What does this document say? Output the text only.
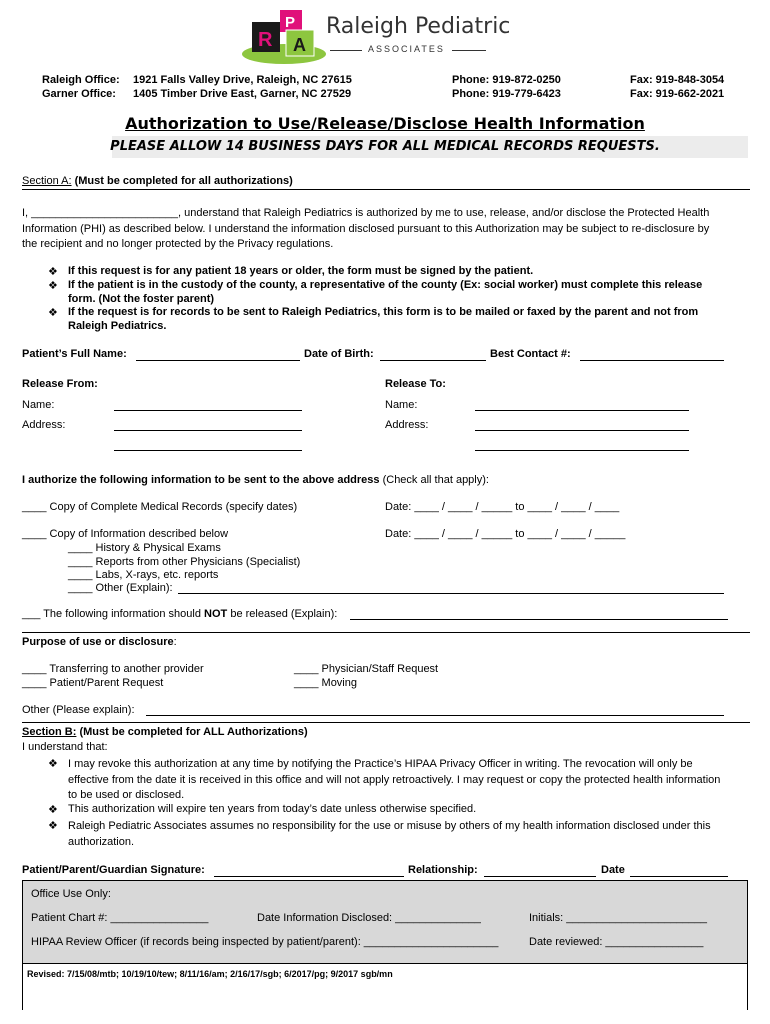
R
P
A
Raleigh Pediatric
ASSOCIATES
Raleigh Office: 1921 Falls Valley Drive, Raleigh, NC 27615	Phone: 919-872-0250	Fax: 919-848-3054
Garner Office: 1405 Timber Drive East, Garner, NC 27529	Phone: 919-779-6423	Fax: 919-662-2021
Authorization to Use/Release/Disclose Health Information
PLEASE ALLOW 14 BUSINESS DAYS FOR ALL MEDICAL RECORDS REQUESTS.
Section A: (Must be completed for all authorizations)
I, ________________________, understand that Raleigh Pediatrics is authorized by me to use, release, and/or disclose the Protected Health
Information (PHI) as described below. I understand the information disclosed pursuant to this Authorization may be subject to re-disclosure by
the recipient and no longer protected by the Privacy regulations.
❖ If this request is for any patient 18 years or older, the form must be signed by the patient.
❖ If the patient is in the custody of the county, a representative of the county (Ex: social worker) must complete this release
form. (Not the foster parent)
❖ If the request is for records to be sent to Raleigh Pediatrics, this form is to be mailed or faxed by the parent and not from
Raleigh Pediatrics.
Patient’s Full Name:	Date of Birth:	Best Contact #:
Release From:	Release To:
Name:	Name:
Address:	Address:
I authorize the following information to be sent to the above address (Check all that apply):
____ Copy of Complete Medical Records (specify dates)	Date: ____ / ____ / _____ to ____ / ____ / ____
____ Copy of Information described below	Date: ____ / ____ / _____ to ____ / ____ / _____
____ History & Physical Exams
____ Reports from other Physicians (Specialist)
____ Labs, X-rays, etc. reports
____ Other (Explain):
___ The following information should NOT be released (Explain):
Purpose of use or disclosure:
____ Transferring to another provider	____ Physician/Staff Request
____ Patient/Parent Request	____ Moving
Other (Please explain):
Section B: (Must be completed for ALL Authorizations)
I understand that:
❖ I may revoke this authorization at any time by notifying the Practice’s HIPAA Privacy Officer in writing. The revocation will only be
effective from the date it is received in this office and will not apply retroactively. I may request or copy the protected health information
to be used or disclosed.
❖ This authorization will expire ten years from today’s date unless otherwise specified.
❖ Raleigh Pediatric Associates assumes no responsibility for the use or misuse by others of my health information disclosed under this
authorization.
Patient/Parent/Guardian Signature:	Relationship:	Date
Office Use Only:
Patient Chart #: ________________	Date Information Disclosed: ______________	Initials: _______________________
HIPAA Review Officer (if records being inspected by patient/parent): ______________________	Date reviewed: ________________
Revised: 7/15/08/mtb; 10/19/10/tew; 8/11/16/am; 2/16/17/sgb; 6/2017/pg; 9/2017 sgb/mn
